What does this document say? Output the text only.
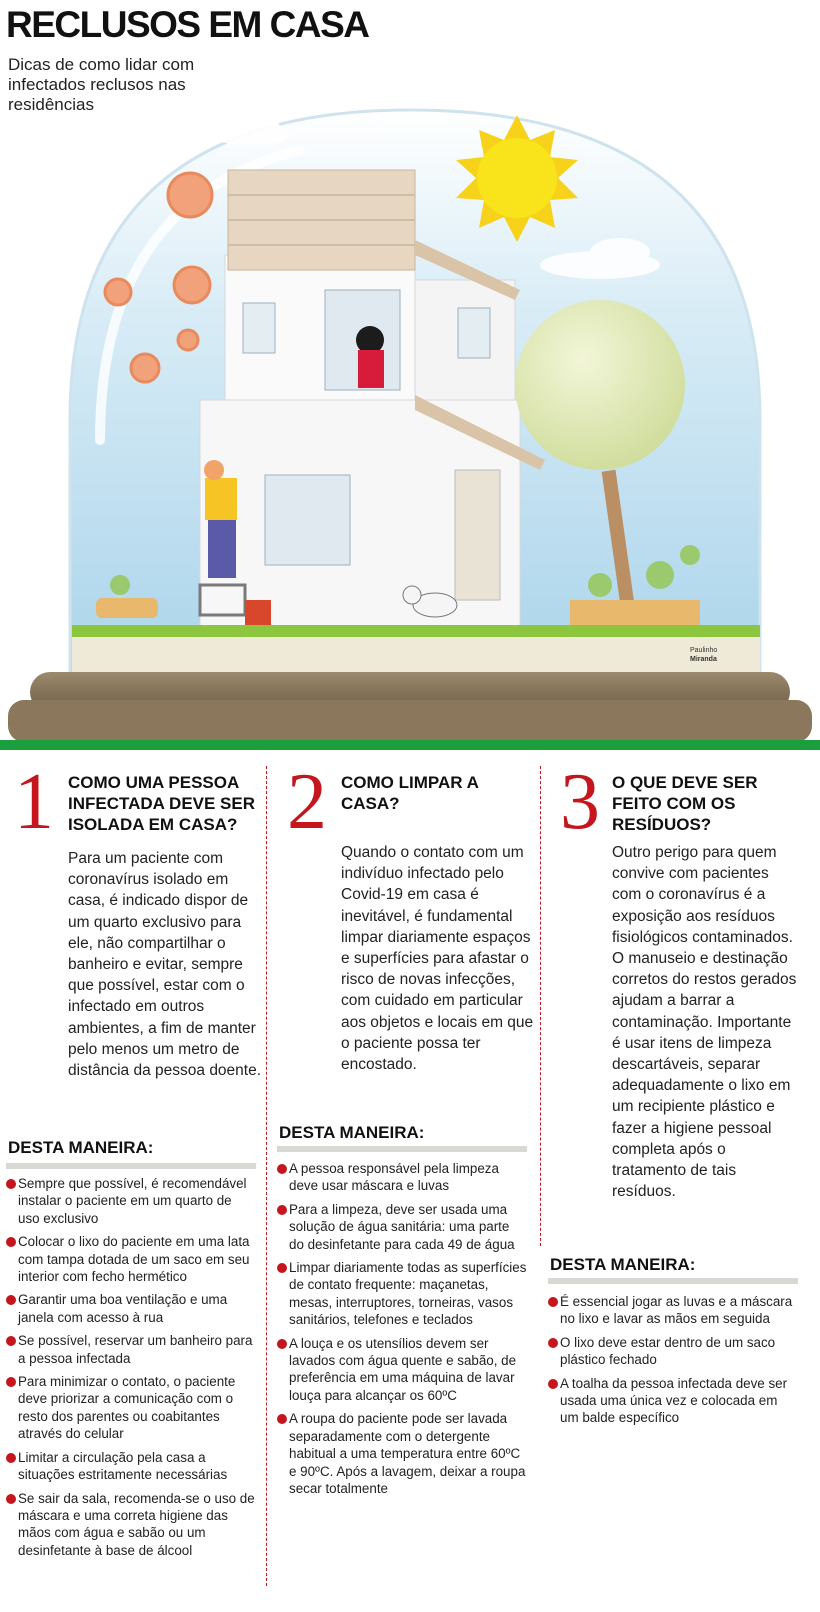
Paulinho
Miranda
RECLUSOS EM CASA
Dicas de como lidar com infectados reclusos nas residências
1 COMO UMA PESSOA INFECTADA DEVE SER ISOLADA EM CASA?
Para um paciente com coronavírus isolado em casa, é indicado dispor de um quarto exclusivo para ele, não compartilhar o banheiro e evitar, sempre que possível, estar com o infectado em outros ambientes, a fim de manter pelo menos um metro de distância da pessoa doente.
DESTA MANEIRA:
Sempre que possível, é recomendável instalar o paciente em um quarto de uso exclusivo
Colocar o lixo do paciente em uma lata com tampa dotada de um saco em seu interior com fecho hermético
Garantir uma boa ventilação e uma janela com acesso à rua
Se possível, reservar um banheiro para a pessoa infectada
Para minimizar o contato, o paciente deve priorizar a comunicação com o resto dos parentes ou coabitantes através do celular
Limitar a circulação pela casa a situações estritamente necessárias
Se sair da sala, recomenda-se o uso de máscara e uma correta higiene das mãos com água e sabão ou um desinfetante à base de álcool
2 COMO LIMPAR A CASA?
Quando o contato com um indivíduo infectado pelo Covid-19 em casa é inevitável, é fundamental limpar diariamente espaços e superfícies para afastar o risco de novas infecções, com cuidado em particular aos objetos e locais em que o paciente possa ter encostado.
DESTA MANEIRA:
A pessoa responsável pela limpeza deve usar máscara e luvas
Para a limpeza, deve ser usada uma solução de água sanitária: uma parte do desinfetante para cada 49 de água
Limpar diariamente todas as superfícies de contato frequente: maçanetas, mesas, interruptores, torneiras, vasos sanitários, telefones e teclados
A louça e os utensílios devem ser lavados com água quente e sabão, de preferência em uma máquina de lavar louça para alcançar os 60ºC
A roupa do paciente pode ser lavada separadamente com o detergente habitual a uma temperatura entre 60ºC e 90ºC. Após a lavagem, deixar a roupa secar totalmente
3 O QUE DEVE SER FEITO COM OS RESÍDUOS?
Outro perigo para quem convive com pacientes com o coronavírus é a exposição aos resíduos fisiológicos contaminados. O manuseio e destinação corretos do restos gerados ajudam a barrar a contaminação. Importante é usar itens de limpeza descartáveis, separar adequadamente o lixo em um recipiente plástico e fazer a higiene pessoal completa após o tratamento de tais resíduos.
DESTA MANEIRA:
É essencial jogar as luvas e a máscara no lixo e lavar as mãos em seguida
O lixo deve estar dentro de um saco plástico fechado
A toalha da pessoa infectada deve ser usada uma única vez e colocada em um balde específico
